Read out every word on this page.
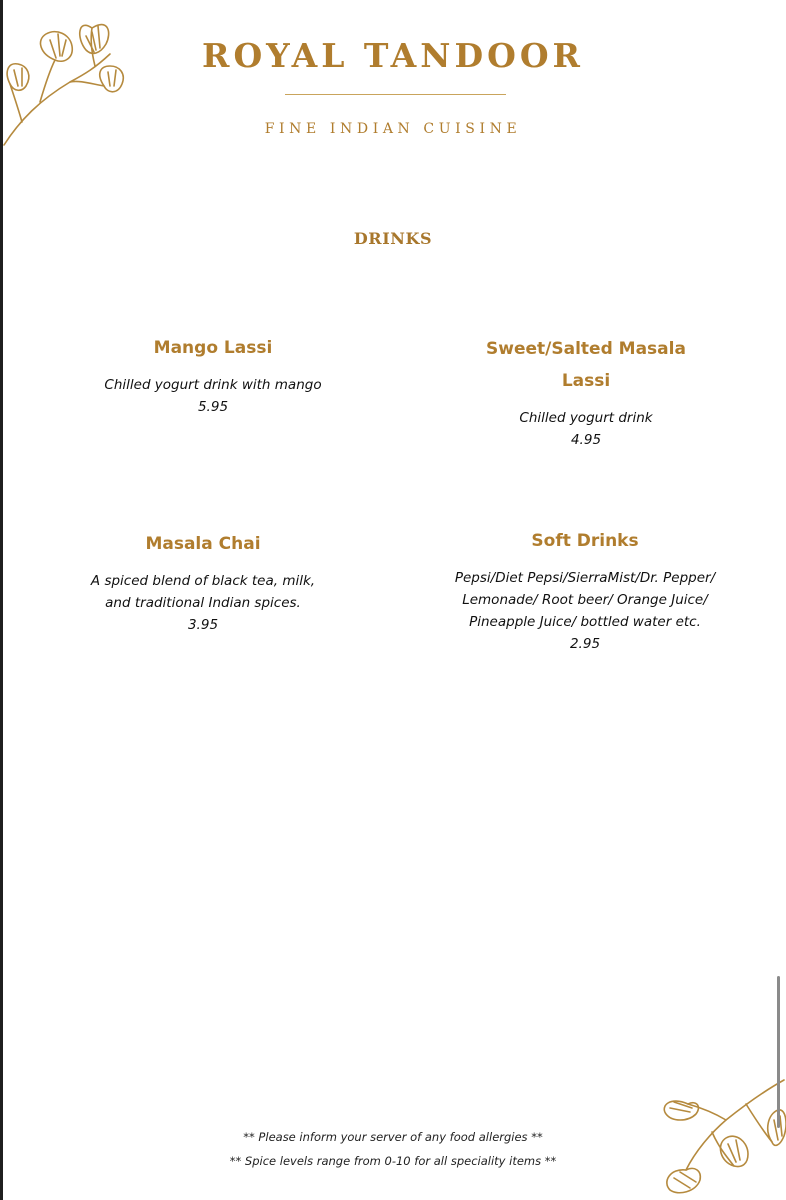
ROYAL TANDOOR
FINE INDIAN CUISINE
DRINKS
Mango Lassi
Chilled yogurt drink with mango
5.95
Sweet/Salted Masala
Lassi
Chilled yogurt drink
4.95
Masala Chai
A spiced blend of black tea, milk,
and traditional Indian spices.
3.95
Soft Drinks
Pepsi/Diet Pepsi/SierraMist/Dr. Pepper/
Lemonade/ Root beer/ Orange Juice/
Pineapple Juice/ bottled water etc.
2.95
** Please inform your server of any food allergies **
** Spice levels range from 0-10 for all speciality items **
